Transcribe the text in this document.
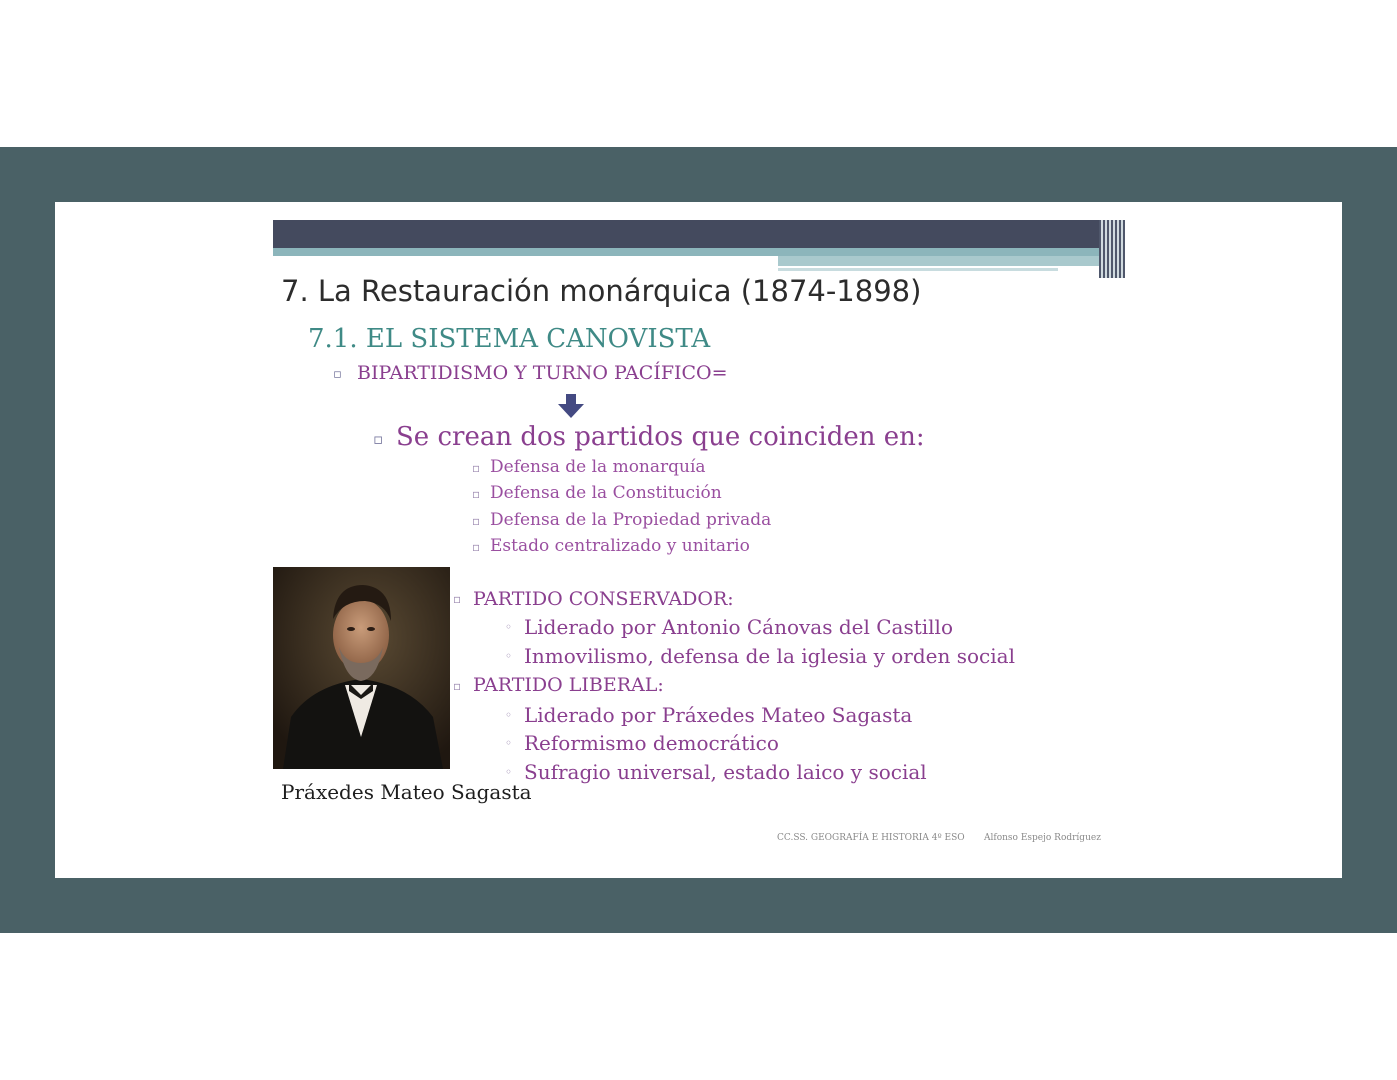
7. La Restauración monárquica (1874-1898)
7.1. EL SISTEMA CANOVISTA
▫ BIPARTIDISMO Y TURNO PACÍFICO=
▫ Se crean dos partidos que coinciden en:
▫ Defensa de la monarquía
▫ Defensa de la Constitución
▫ Defensa de la Propiedad privada
▫ Estado centralizado y unitario
Práxedes Mateo Sagasta
▫ PARTIDO CONSERVADOR:
◦ Liderado por Antonio Cánovas del Castillo
◦ Inmovilismo, defensa de la iglesia y orden social
▫ PARTIDO LIBERAL:
◦ Liderado por Práxedes Mateo Sagasta
◦ Reformismo democrático
◦ Sufragio universal, estado laico y social
CC.SS. GEOGRAFÍA E HISTORIA 4º ESO Alfonso Espejo Rodríguez
